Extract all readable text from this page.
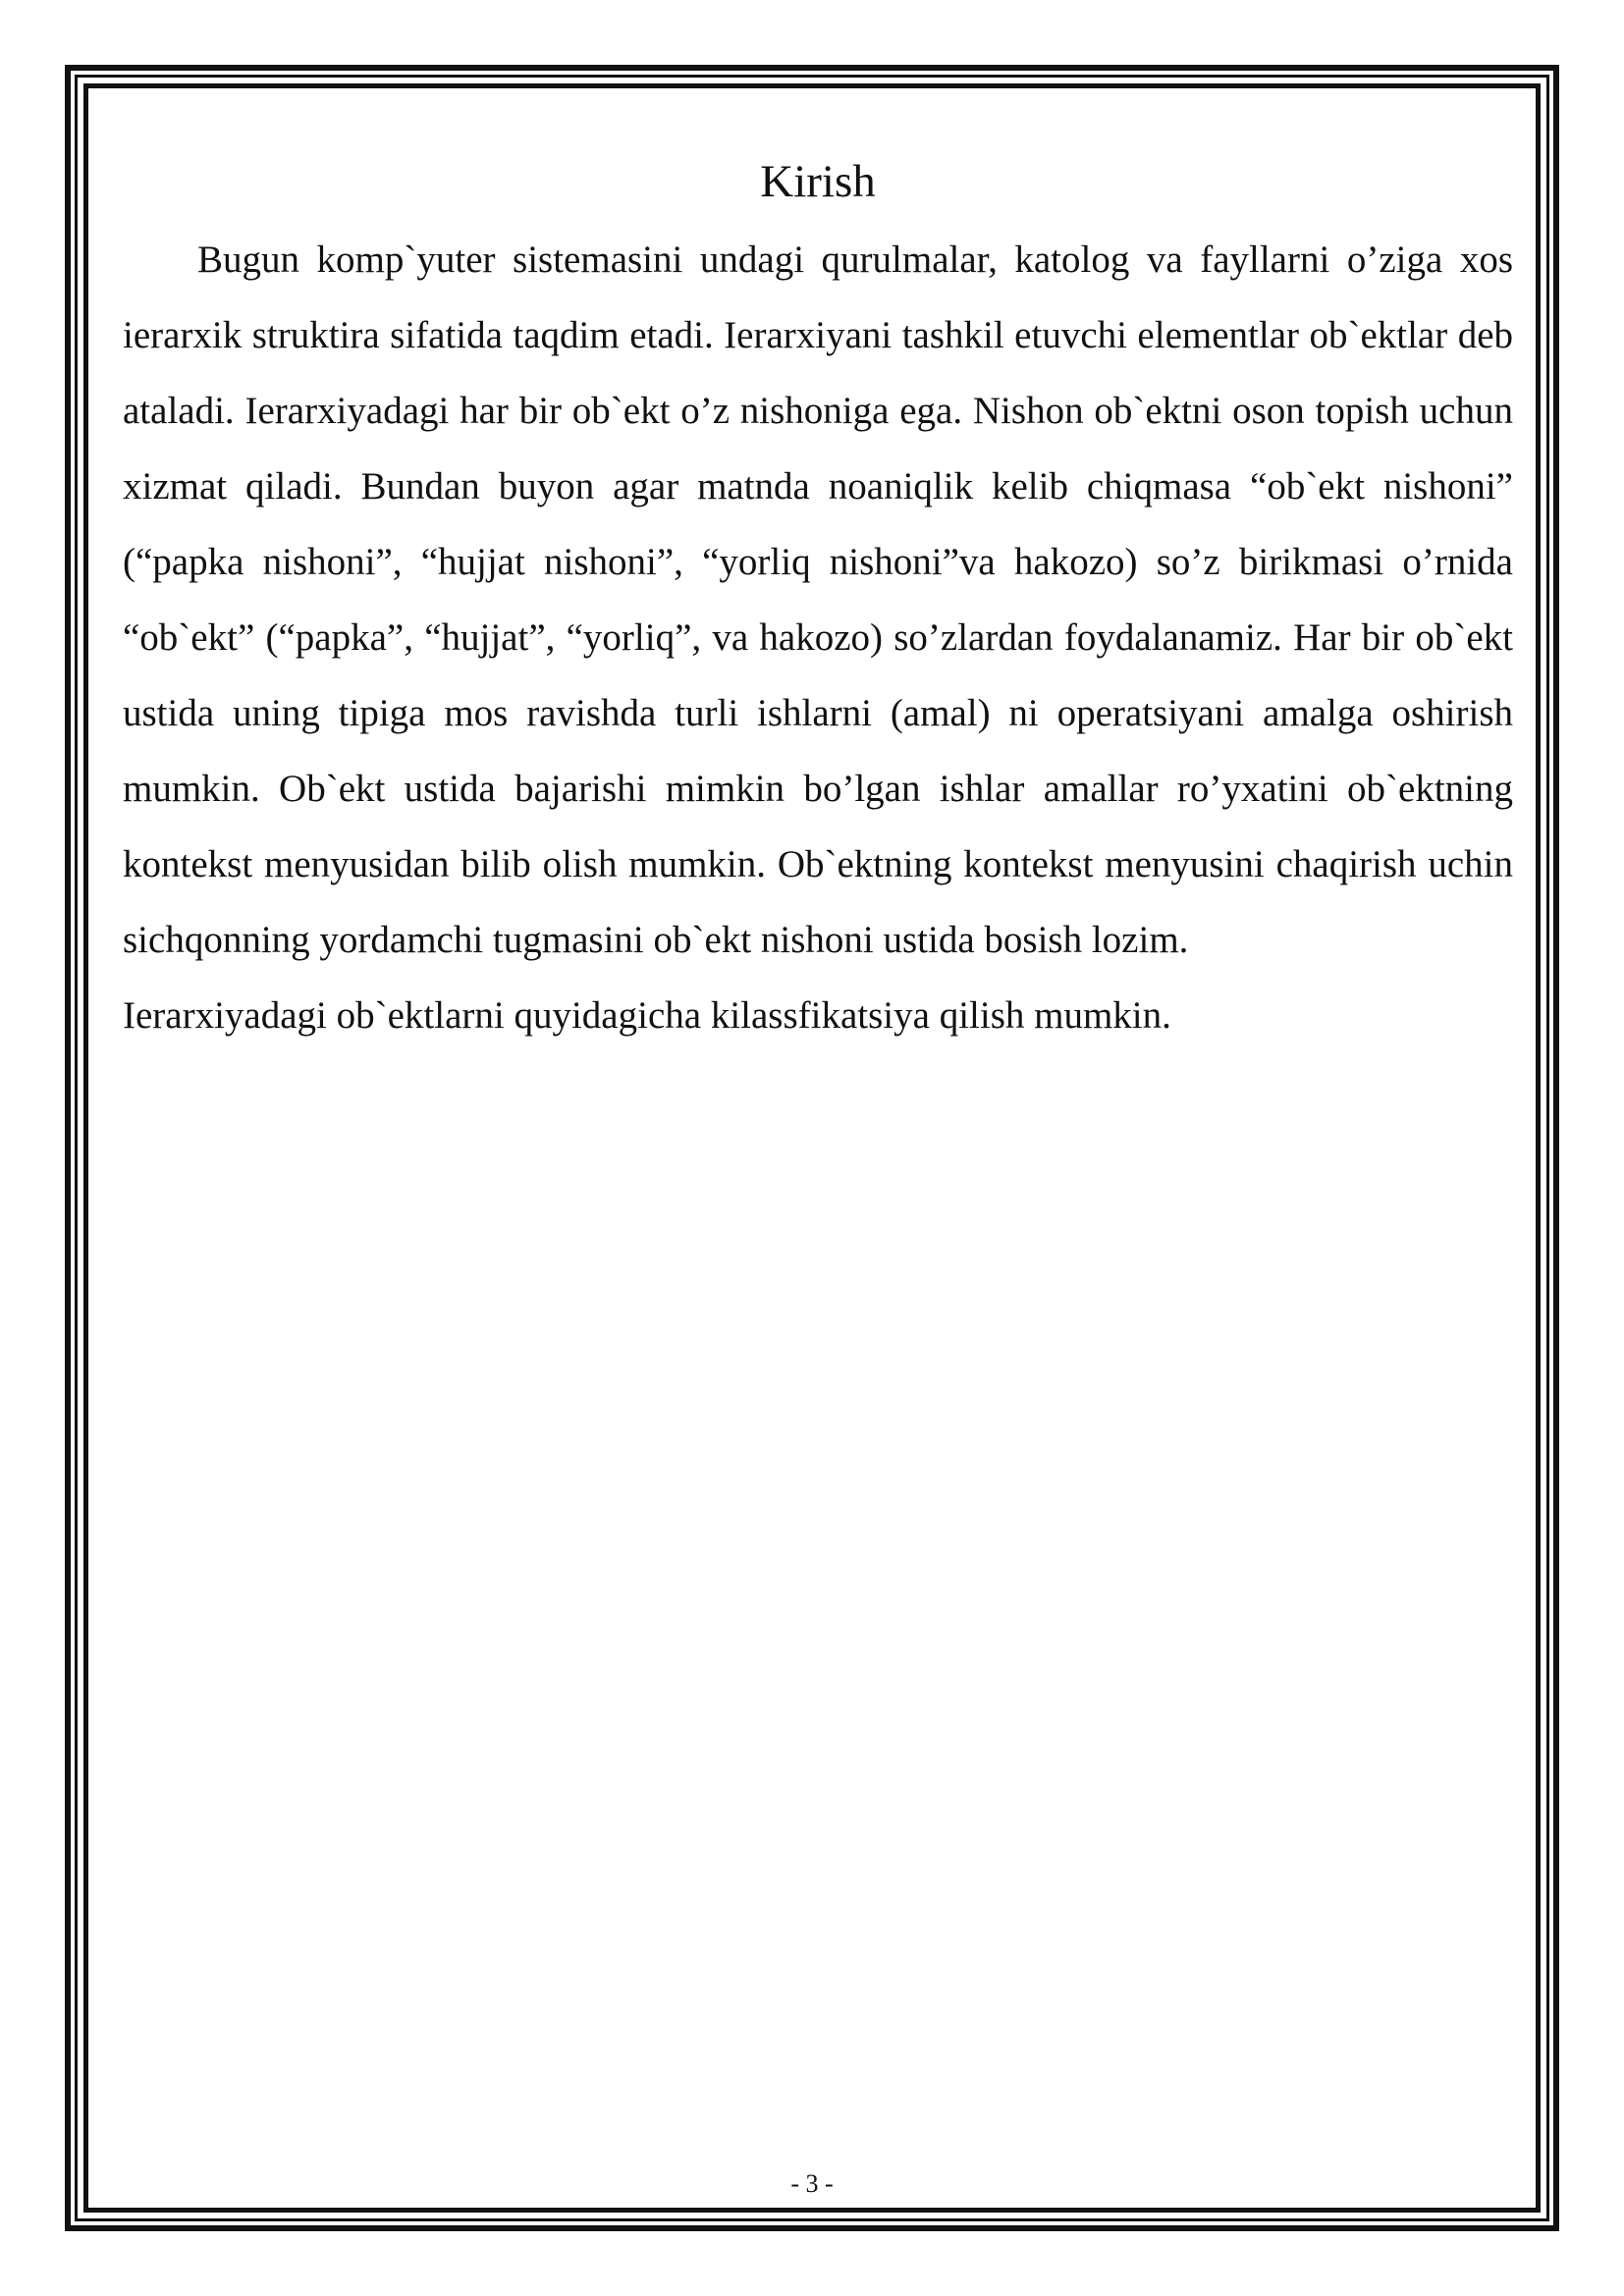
Kirish

Bugun komp`yuter sistemasini undagi qurulmalar, katolog va fayllarni o’ziga xos ierarxik struktira sifatida taqdim etadi. Ierarxiyani tashkil etuvchi elementlar ob`ektlar deb ataladi. Ierarxiyadagi har bir ob`ekt o’z nishoniga ega. Nishon ob`ektni oson topish uchun xizmat qiladi. Bundan buyon agar matnda noaniqlik kelib chiqmasa “ob`ekt nishoni” (“papka nishoni”, “hujjat nishoni”, “yorliq nishoni”va hakozo) so’z birikmasi o’rnida “ob`ekt” (“papka”, “hujjat”, “yorliq”, va hakozo) so’zlardan foydalanamiz. Har bir ob`ekt ustida uning tipiga mos ravishda turli ishlarni (amal) ni operatsiyani amalga oshirish mumkin. Ob`ekt ustida bajarishi mimkin bo’lgan ishlar amallar ro’yxatini ob`ektning kontekst menyusidan bilib olish mumkin. Ob`ektning kontekst menyusini chaqirish uchin sichqonning yordamchi tugmasini ob`ekt nishoni ustida bosish lozim.

Ierarxiyadagi ob`ektlarni quyidagicha kilassfikatsiya qilish mumkin.

- 3 -
